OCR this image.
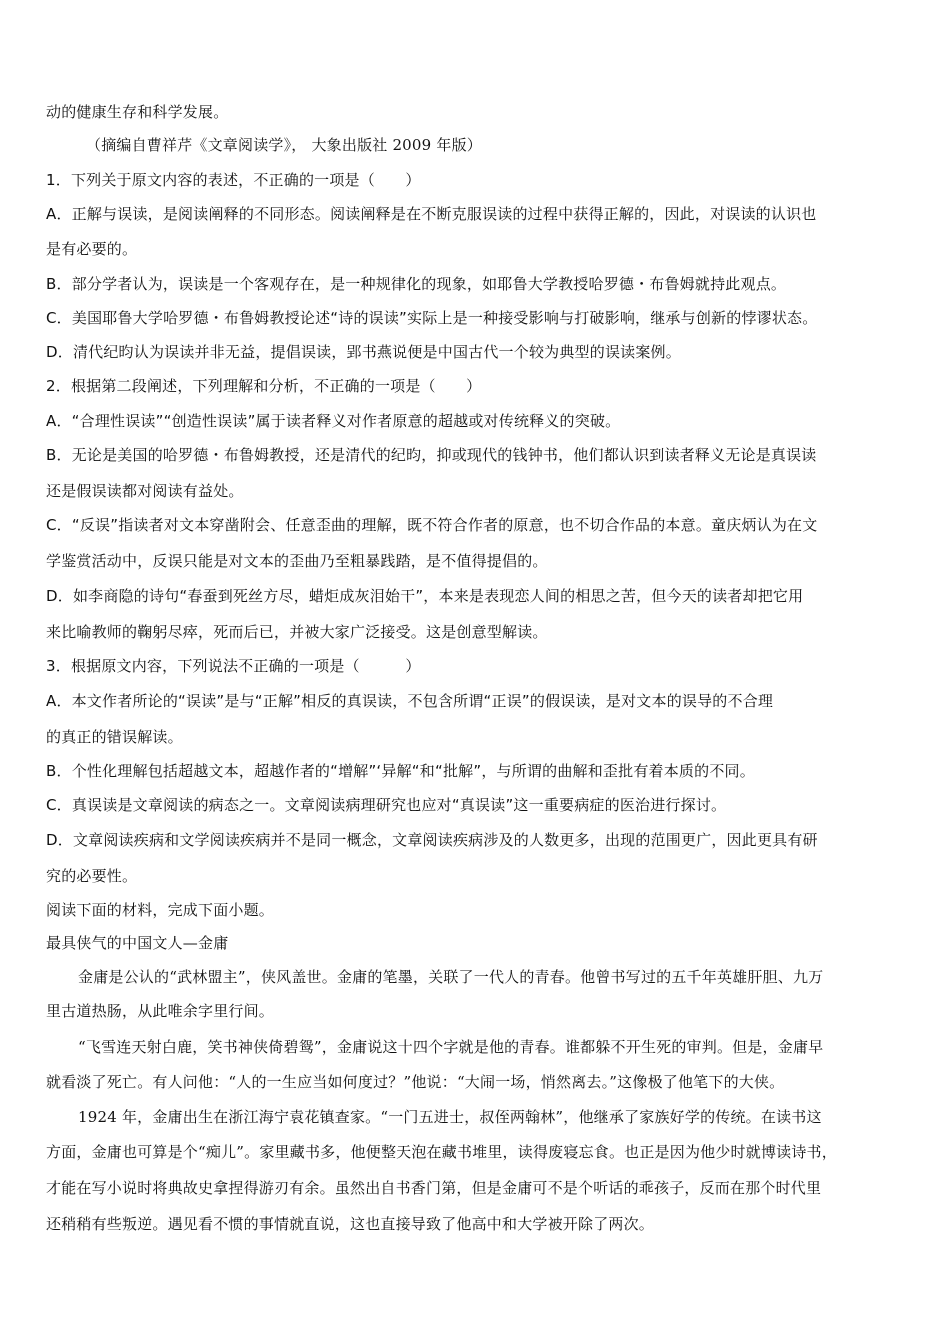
动的健康生存和科学发展。
（摘编自曹祥芹《文章阅读学》， 大象出版社 2009 年版）
1．下列关于原文内容的表述，不正确的一项是（　　）
A．正解与误读，是阅读阐释的不同形态。阅读阐释是在不断克服误读的过程中获得正解的，因此，对误读的认识也
是有必要的。
B．部分学者认为，误读是一个客观存在，是一种规律化的现象，如耶鲁大学教授哈罗德・布鲁姆就持此观点。
C．美国耶鲁大学哈罗德・布鲁姆教授论述“诗的误读”实际上是一种接受影响与打破影响，继承与创新的悖谬状态。
D．清代纪昀认为误读并非无益，提倡误读，郢书燕说便是中国古代一个较为典型的误读案例。
2．根据第二段阐述，下列理解和分析，不正确的一项是（　　）
A．“合理性误读”“创造性误读”属于读者释义对作者原意的超越或对传统释义的突破。
B．无论是美国的哈罗德・布鲁姆教授，还是清代的纪昀，抑或现代的钱钟书，他们都认识到读者释义无论是真误读
还是假误读都对阅读有益处。
C．“反误”指读者对文本穿凿附会、任意歪曲的理解，既不符合作者的原意，也不切合作品的本意。童庆炳认为在文
学鉴赏活动中，反误只能是对文本的歪曲乃至粗暴践踏，是不值得提倡的。
D．如李商隐的诗句“春蚕到死丝方尽，蜡炬成灰泪始干”，本来是表现恋人间的相思之苦，但今天的读者却把它用
来比喻教师的鞠躬尽瘁，死而后已，并被大家广泛接受。这是创意型解读。
3．根据原文内容，下列说法不正确的一项是（　　　）
A．本文作者所论的“误读”是与“正解”相反的真误读，不包含所谓“正误”的假误读，是对文本的误导的不合理
的真正的错误解读。
B．个性化理解包括超越文本，超越作者的“增解”‘异解“和“批解”，与所谓的曲解和歪批有着本质的不同。
C．真误读是文章阅读的病态之一。文章阅读病理研究也应对“真误读”这一重要病症的医治进行探讨。
D．文章阅读疾病和文学阅读疾病并不是同一概念，文章阅读疾病涉及的人数更多，出现的范围更广，因此更具有研
究的必要性。
阅读下面的材料，完成下面小题。
最具侠气的中国文人—金庸
金庸是公认的“武林盟主”，侠风盖世。金庸的笔墨，关联了一代人的青春。他曾书写过的五千年英雄肝胆、九万
里古道热肠，从此唯余字里行间。
“飞雪连天射白鹿，笑书神侠倚碧鸳”，金庸说这十四个字就是他的青春。谁都躲不开生死的审判。但是，金庸早
就看淡了死亡。有人问他：“人的一生应当如何度过？”他说：“大闹一场，悄然离去。”这像极了他笔下的大侠。
1924 年，金庸出生在浙江海宁袁花镇查家。“一门五进士，叔侄两翰林”，他继承了家族好学的传统。在读书这
方面，金庸也可算是个“痴儿”。家里藏书多，他便整天泡在藏书堆里，读得废寝忘食。也正是因为他少时就博读诗书，
才能在写小说时将典故史拿捏得游刃有余。虽然出自书香门第，但是金庸可不是个听话的乖孩子，反而在那个时代里
还稍稍有些叛逆。遇见看不惯的事情就直说，这也直接导致了他高中和大学被开除了两次。
